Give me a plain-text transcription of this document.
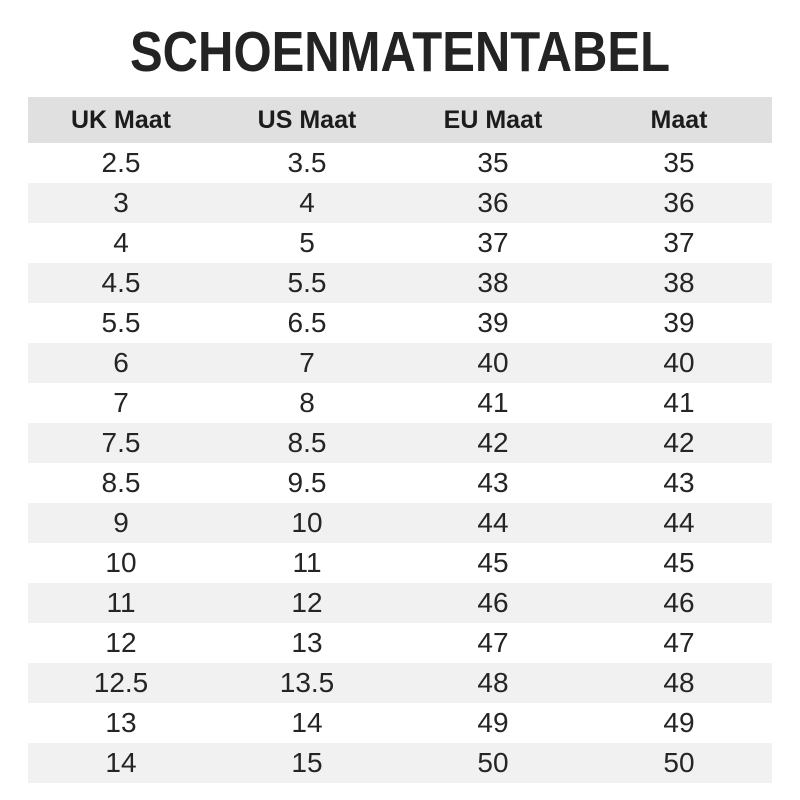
SCHOENMATENTABEL
UK Maat	US Maat	EU Maat	Maat
2.5	3.5	35	35
3	4	36	36
4	5	37	37
4.5	5.5	38	38
5.5	6.5	39	39
6	7	40	40
7	8	41	41
7.5	8.5	42	42
8.5	9.5	43	43
9	10	44	44
10	11	45	45
11	12	46	46
12	13	47	47
12.5	13.5	48	48
13	14	49	49
14	15	50	50
